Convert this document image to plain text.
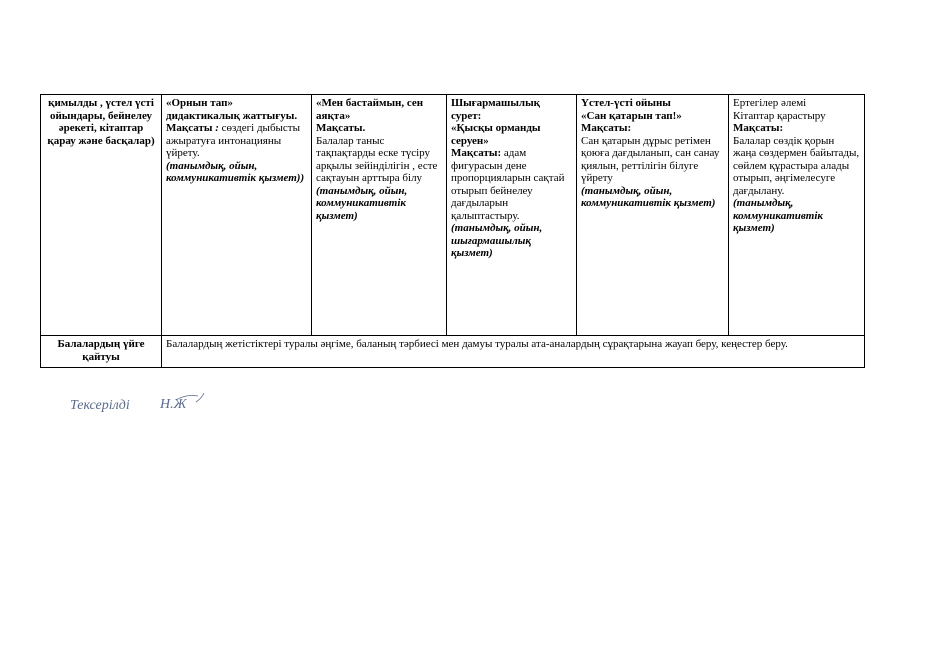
қимылды , үстел үсті ойындары, бейнелеу әрекеті, кітаптар қарау және басқалар)	«Орнын тап» дидактикалық жаттығуы.
Мақсаты : сөздегі дыбысты ажыратуға интонацияны үйрету.
(танымдық, ойын, коммуникативтік қызмет))	«Мен бастаймын, сен аяқта»
Мақсаты.
Балалар таныс тақпақтарды еске түсіру арқылы зейінділігін , есте сақтауын арттыра білу
(танымдық, ойын, коммуникативтік қызмет)	Шығармашылық сурет:
«Қысқы орманды серуен»
Мақсаты: адам фигурасын дене пропорцияларын сақтай отырып бейнелеу дағдыларын қалыптастыру.
(танымдық, ойын, шығармашылық қызмет)	Үстел-үсті ойыны
«Сан қатарын тап!»
Мақсаты:
Сан қатарын дұрыс ретімен қоюға дағдыланып, сан санау қиялын, реттілігін білуге үйрету
(танымдық, ойын, коммуникативтік қызмет)	Ертегілер әлемі
Кітаптар қарастыру
Мақсаты:
Балалар сөздік қорын жаңа сөздермен байытады, сөйлем құрастыра алады отырып, әңгімелесуге дағдылану.
(танымдық, коммуникативтік қызмет)

Балалардың үйге қайтуы	Балалардың жетістіктері туралы әңгіме, баланың тәрбиесі мен дамуы туралы ата-аналардың сұрақтарына жауап беру, кеңестер беру.				
Тексерілді Н.Ж
